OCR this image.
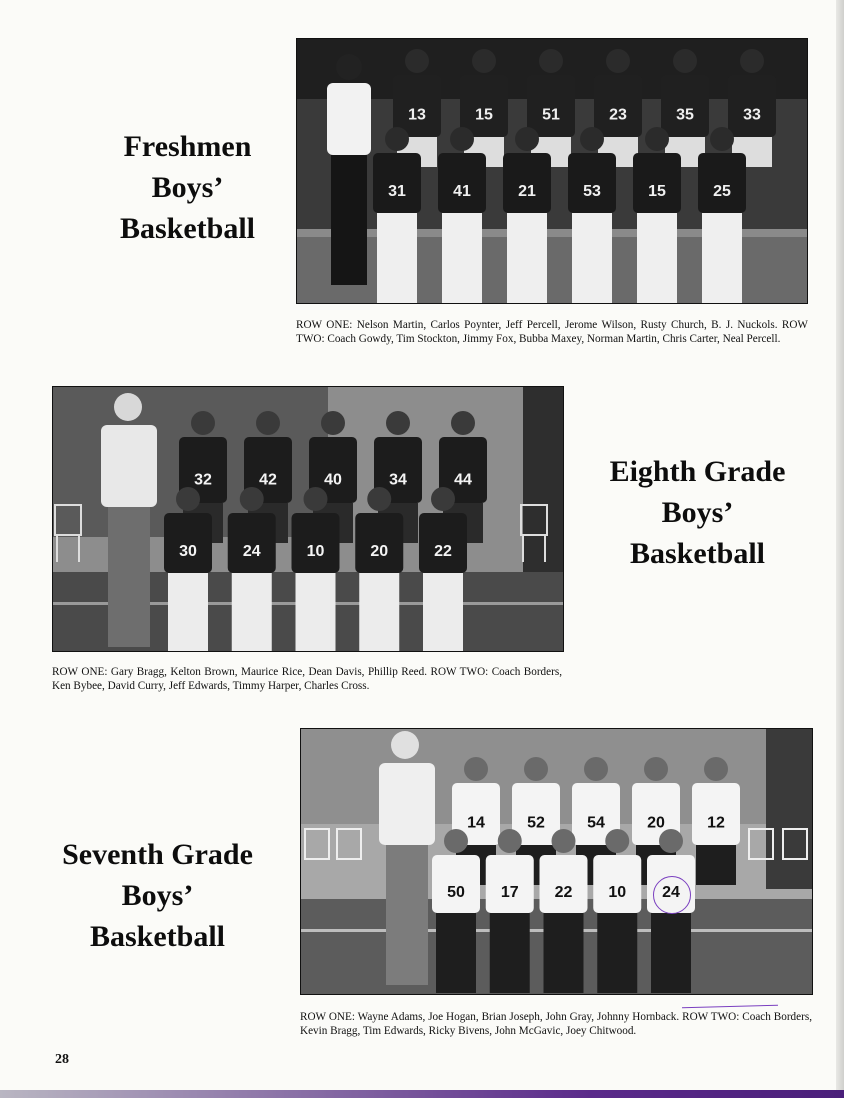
Freshmen
Boys’
Basketball
13	15	51	23	35	33
31	41	21	53	15	25

ROW ONE: Nelson Martin, Carlos Poynter, Jeff Percell, Jerome Wilson, Rusty Church, B. J. Nuckols. ROW TWO: Coach Gowdy, Tim Stockton, Jimmy Fox, Bubba Maxey, Norman Martin, Chris Carter, Neal Percell.

32	42	40	34	44
30	24	10	20	22
Eighth Grade
Boys’
Basketball

ROW ONE: Gary Bragg, Kelton Brown, Maurice Rice, Dean Davis, Phillip Reed. ROW TWO: Coach Borders, Ken Bybee, David Curry, Jeff Edwards, Timmy Harper, Charles Cross.

Seventh Grade
Boys’
Basketball
14	52	54	20	12
50 17 22 10 24

ROW ONE: Wayne Adams, Joe Hogan, Brian Joseph, John Gray, Johnny Hornback. ROW TWO: Coach Borders, Kevin Bragg, Tim Edwards, Ricky Bivens, John McGavic, Joey Chitwood.

28
